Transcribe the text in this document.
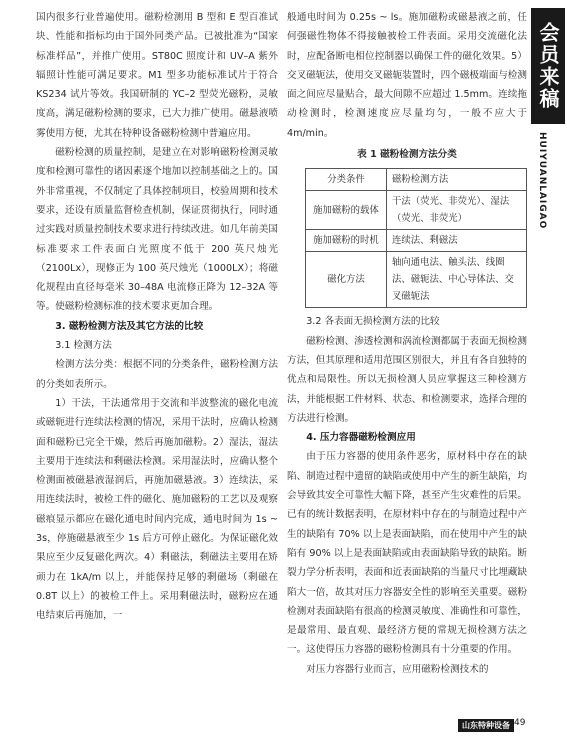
国内很多行业普遍使用。磁粉检测用 B 型和 E 型百准试块、性能和指标均由于国外同类产品。已被批准为“国家标准样品”，并推广使用。ST80C 照度计和 UV–A 紫外辐照计性能可满足要求。M1 型多功能标准试片于符合 KS234 试片等效。我国研制的 YC–2 型荧光磁粉，灵敏度高，满足磁粉检测的要求，已大力推广使用。磁悬液喷雾使用方便，尤其在特种设备磁粉检测中普遍应用。

磁粉检测的质量控制，是建立在对影响磁粉检测灵敏度和检测可靠性的诸因素逐个地加以控制基础之上的。国外非常重视，不仅制定了具体控制项目，校验周期和技术要求，还设有质量监督检查机制，保证贯彻执行，同时通过实践对质量控制技术要求进行持续改进。如几年前美国标准要求工件表面白光照度不低于 200 英尺烛光（2100Lx），现修正为 100 英尺烛光（1000LX）；将磁化规程由直径每毫米 30–48A 电流修正降为 12–32A 等等。使磁粉检测标准的技术要求更加合理。

3. 磁粉检测方法及其它方法的比较

3.1 检测方法

检测方法分类：根据不同的分类条件，磁粉检测方法的分类如表所示。

1）干法，干法通常用于交流和半波整流的磁化电流或磁轭进行连续法检测的情况，采用干法时，应确认检测面和磁粉已完全干燥，然后再施加磁粉。2）湿法，湿法主要用于连续法和剩磁法检测。采用湿法时，应确认整个检测面被磁悬液湿润后，再施加磁悬液。3）连续法，采用连续法时，被检工件的磁化、施加磁粉的工艺以及观察磁痕显示都应在磁化通电时间内完成，通电时间为 1s ~ 3s，停施磁悬液至少 1s 后方可停止磁化。为保证磁化效果应至少反复磁化两次。4）剩磁法，剩磁法主要用在矫顽力在 1kA/m 以上，并能保持足够的剩磁场（剩磁在 0.8T 以上）的被检工件上。采用剩磁法时，磁粉应在通电结束后再施加，一

般通电时间为 0.25s ~ ls。施加磁粉或磁悬液之前，任何强磁性物体不得接触被检工件表面。采用交流磁化法时，应配备断电相位控制器以确保工件的磁化效果。5）交叉磁轭法，使用交叉磁轭装置时，四个磁极端面与检测面之间应尽量贴合，最大间隙不应超过 1.5mm。连续拖动检测时，检测速度应尽量均匀，一般不应大于 4m/min。

表 1 磁粉检测方法分类
分类条件	磁粉检测方法
施加磁粉的载体	干法（荧光、非荧光）、湿法（荧光、非荧光）
施加磁粉的时机	连续法、剩磁法
磁化方法	轴向通电法、触头法、线圈法、磁轭法、中心导体法、交叉磁轭法

3.2 各表面无损检测方法的比较

磁粉检测、渗透检测和涡流检测都属于表面无损检测方法，但其原理和适用范围区别很大，并且有各自独特的优点和局限性。所以无损检测人员应掌握这三种检测方法，并能根据工件材料、状态、和检测要求，选择合理的方法进行检测。

4. 压力容器磁粉检测应用

由于压力容器的使用条件恶劣，原材料中存在的缺陷、制造过程中遗留的缺陷或使用中产生的新生缺陷，均会导致其安全可靠性大幅下降，甚至产生灾难性的后果。已有的统计数据表明，在原材料中存在的与制造过程中产生的缺陷有 70% 以上是表面缺陷，而在使用中产生的缺陷有 90% 以上是表面缺陷或由表面缺陷导致的缺陷。断裂力学分析表明，表面和近表面缺陷的当量尺寸比埋藏缺陷大一倍，故其对压力容器安全性的影响至关重要。磁粉检测对表面缺陷有很高的检测灵敏度、准确性和可靠性，是最常用、最直观、最经济方便的常规无损检测方法之一。这使得压力容器的磁粉检测具有十分重要的作用。

对压力容器行业而言，应用磁粉检测技术的

会员来稿
HUIYUANLAIGAO
山东特种设备 49
